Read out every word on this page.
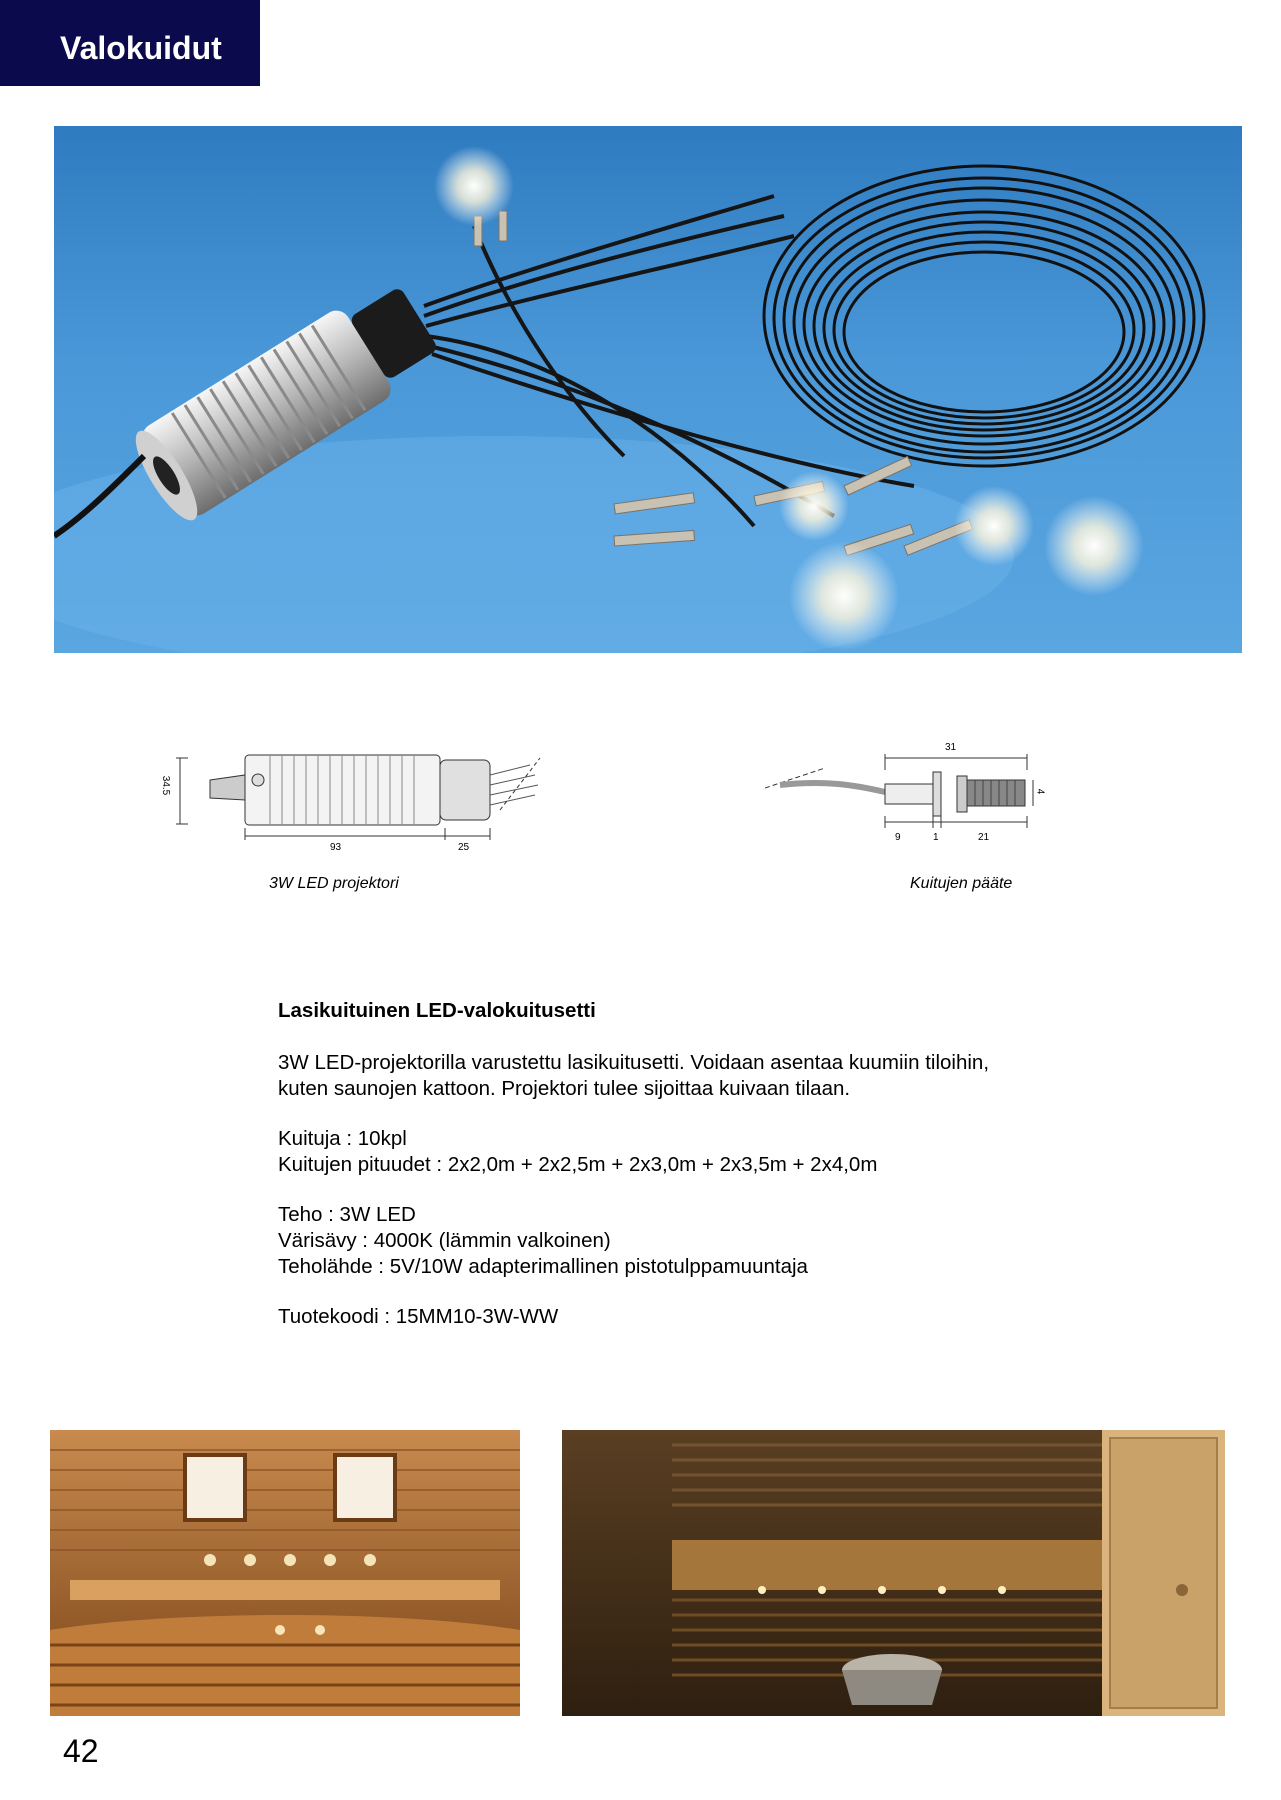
Valokuidut
34.5
93	25
3W LED projektori
31
4
9	1	21
Kuitujen pääte
Lasikuituinen LED-valokuitusetti

3W LED-projektorilla varustettu lasikuitusetti. Voidaan asentaa kuumiin tiloihin,
kuten saunojen kattoon. Projektori tulee sijoittaa kuivaan tilaan.

Kuituja : 10kpl
Kuitujen pituudet : 2x2,0m + 2x2,5m + 2x3,0m + 2x3,5m + 2x4,0m

Teho : 3W LED
Värisävy : 4000K (lämmin valkoinen)
Teholähde : 5V/10W adapterimallinen pistotulppamuuntaja

Tuotekoodi : 15MM10-3W-WW

42
